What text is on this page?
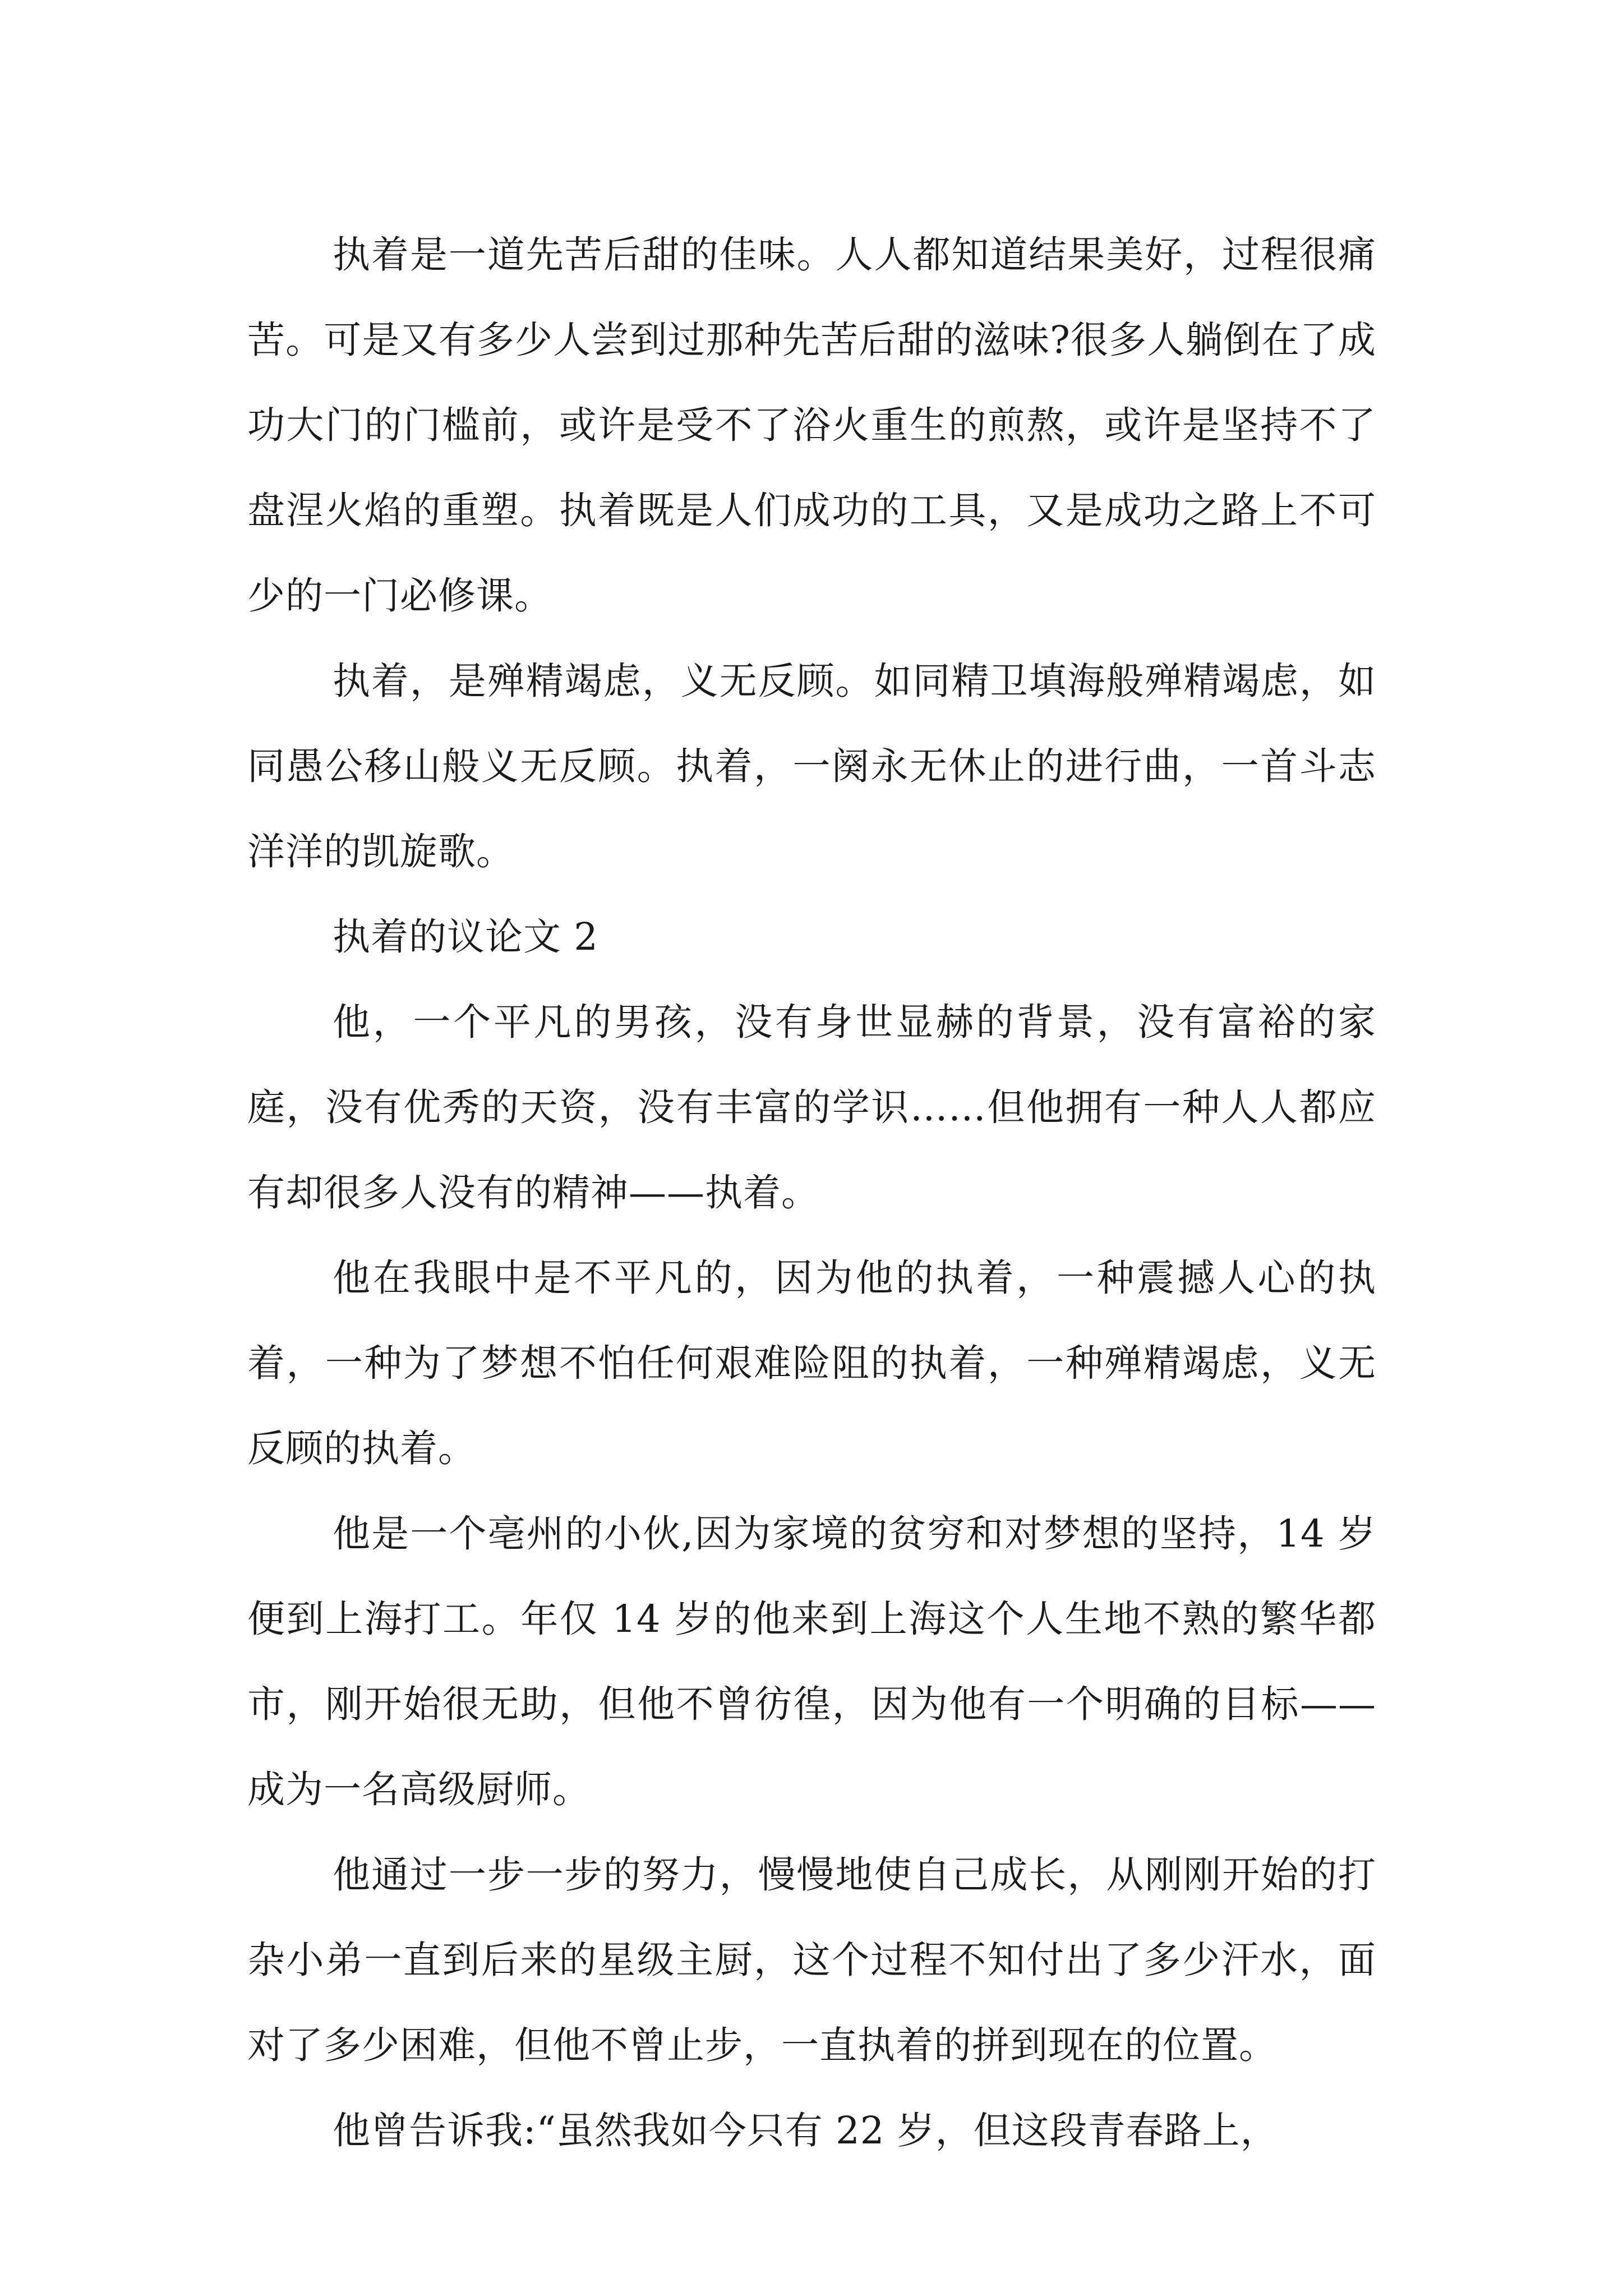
执着是一道先苦后甜的佳味。人人都知道结果美好，过程很痛苦。可是又有多少人尝到过那种先苦后甜的滋味?很多人躺倒在了成功大门的门槛前，或许是受不了浴火重生的煎熬，或许是坚持不了盘涅火焰的重塑。执着既是人们成功的工具，又是成功之路上不可少的一门必修课。

执着，是殚精竭虑，义无反顾。如同精卫填海般殚精竭虑，如同愚公移山般义无反顾。执着，一阕永无休止的进行曲，一首斗志洋洋的凯旋歌。

执着的议论文 2

他，一个平凡的男孩，没有身世显赫的背景，没有富裕的家庭，没有优秀的天资，没有丰富的学识……但他拥有一种人人都应有却很多人没有的精神——执着。

他在我眼中是不平凡的，因为他的执着，一种震撼人心的执着，一种为了梦想不怕任何艰难险阻的执着，一种殚精竭虑，义无反顾的执着。

他是一个亳州的小伙,因为家境的贫穷和对梦想的坚持，14 岁便到上海打工。年仅 14 岁的他来到上海这个人生地不熟的繁华都市，刚开始很无助，但他不曾彷徨，因为他有一个明确的目标——成为一名高级厨师。

他通过一步一步的努力，慢慢地使自己成长，从刚刚开始的打杂小弟一直到后来的星级主厨，这个过程不知付出了多少汗水，面对了多少困难，但他不曾止步，一直执着的拼到现在的位置。

他曾告诉我:“虽然我如今只有 22 岁，但这段青春路上，
